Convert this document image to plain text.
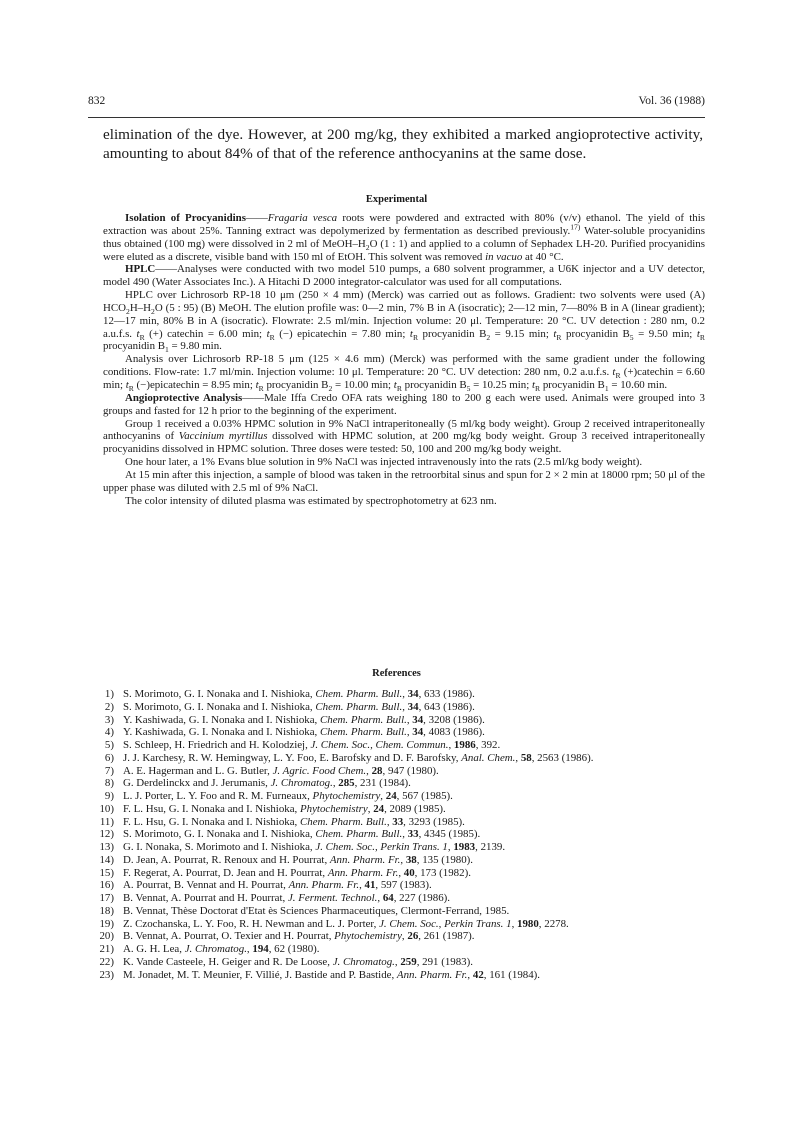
832	Vol. 36 (1988)

elimination of the dye. However, at 200 mg/kg, they exhibited a marked angioprotective activity, amounting to about 84% of that of the reference anthocyanins at the same dose.

Experimental

Isolation of Procyanidins——Fragaria vesca roots were powdered and extracted with 80% (v/v) ethanol. The yield of this extraction was about 25%. Tanning extract was depolymerized by fermentation as described previously.$^{17)}$ Water-soluble procyanidins thus obtained (100 mg) were dissolved in 2 ml of MeOH–$H_2O$ (1 : 1) and applied to a column of Sephadex LH-20. Purified procyanidins were eluted as a discrete, visible band with 150 ml of EtOH. This solvent was removed in vacuo at 40 °C.

HPLC——Analyses were conducted with two model 510 pumps, a 680 solvent programmer, a U6K injector and a UV detector, model 490 (Water Associates Inc.). A Hitachi D 2000 integrator-calculator was used for all computations.

HPLC over Lichrosorb RP-18 10 μm (250 × 4 mm) (Merck) was carried out as follows. Gradient: two solvents were used (A) $HCO_2H-H_2O$ (5 : 95) (B) MeOH. The elution profile was: 0—2 min, 7% B in A (isocratic); 2—12 min, 7—80% B in A (linear gradient); 12—17 min, 80% B in A (isocratic). Flowrate: 2.5 ml/min. Injection volume: 20 μl. Temperature: 20 °C. UV detection : 280 nm, 0.2 a.u.f.s. $t_R$ (+) catechin = 6.00 min; $t_R$ (−) epicatechin = 7.80 min; $t_R$ procyanidin $B_2 = 9.15$ min; $t_R$ procyanidin $B_5 = 9.50$ min; $t_R$ procyanidin $B_1 = 9.80$ min.

Analysis over Lichrosorb RP-18 5 μm (125 × 4.6 mm) (Merck) was performed with the same gradient under the following conditions. Flow-rate: 1.7 ml/min. Injection volume: 10 μl. Temperature: 20 °C. UV detection: 280 nm, 0.2 a.u.f.s. $t_R$ (+)catechin = 6.60 min; $t_R$ (−)epicatechin = 8.95 min; $t_R$ procyanidin $B_2 = 10.00$ min; $t_R$ procyanidin $B_5 = 10.25$ min; $t_R$ procyanidin $B_1 = 10.60$ min.

Angioprotective Analysis——Male Iffa Credo OFA rats weighing 180 to 200 g each were used. Animals were grouped into 3 groups and fasted for 12 h prior to the beginning of the experiment.

Group 1 received a 0.03% HPMC solution in 9% NaCl intraperitoneally (5 ml/kg body weight). Group 2 received intraperitoneally anthocyanins of Vaccinium myrtillus dissolved with HPMC solution, at 200 mg/kg body weight. Group 3 received intraperitoneally procyanidins dissolved in HPMC solution. Three doses were tested: 50, 100 and 200 mg/kg body weight.

One hour later, a 1% Evans blue solution in 9% NaCl was injected intravenously into the rats (2.5 ml/kg body weight).

At 15 min after this injection, a sample of blood was taken in the retroorbital sinus and spun for 2 × 2 min at 18000 rpm; 50 μl of the upper phase was diluted with 2.5 ml of 9% NaCl.

The color intensity of diluted plasma was estimated by spectrophotometry at 623 nm.

References
1) S. Morimoto, G. I. Nonaka and I. Nishioka, Chem. Pharm. Bull., 34, 633 (1986).
2) S. Morimoto, G. I. Nonaka and I. Nishioka, Chem. Pharm. Bull., 34, 643 (1986).
3) Y. Kashiwada, G. I. Nonaka and I. Nishioka, Chem. Pharm. Bull., 34, 3208 (1986).
4) Y. Kashiwada, G. I. Nonaka and I. Nishioka, Chem. Pharm. Bull., 34, 4083 (1986).
5) S. Schleep, H. Friedrich and H. Kolodziej, J. Chem. Soc., Chem. Commun., 1986, 392.
6) J. J. Karchesy, R. W. Hemingway, L. Y. Foo, E. Barofsky and D. F. Barofsky, Anal. Chem., 58, 2563 (1986).
7) A. E. Hagerman and L. G. Butler, J. Agric. Food Chem., 28, 947 (1980).
8) G. Derdelinckx and J. Jerumanis, J. Chromatog., 285, 231 (1984).
9) L. J. Porter, L. Y. Foo and R. M. Furneaux, Phytochemistry, 24, 567 (1985).
10) F. L. Hsu, G. I. Nonaka and I. Nishioka, Phytochemistry, 24, 2089 (1985).
11) F. L. Hsu, G. I. Nonaka and I. Nishioka, Chem. Pharm. Bull., 33, 3293 (1985).
12) S. Morimoto, G. I. Nonaka and I. Nishioka, Chem. Pharm. Bull., 33, 4345 (1985).
13) G. I. Nonaka, S. Morimoto and I. Nishioka, J. Chem. Soc., Perkin Trans. 1, 1983, 2139.
14) D. Jean, A. Pourrat, R. Renoux and H. Pourrat, Ann. Pharm. Fr., 38, 135 (1980).
15) F. Regerat, A. Pourrat, D. Jean and H. Pourrat, Ann. Pharm. Fr., 40, 173 (1982).
16) A. Pourrat, B. Vennat and H. Pourrat, Ann. Pharm. Fr., 41, 597 (1983).
17) B. Vennat, A. Pourrat and H. Pourrat, J. Ferment. Technol., 64, 227 (1986).
18) B. Vennat, Thèse Doctorat d'Etat ès Sciences Pharmaceutiques, Clermont-Ferrand, 1985.
19) Z. Czochanska, L. Y. Foo, R. H. Newman and L. J. Porter, J. Chem. Soc., Perkin Trans. 1, 1980, 2278.
20) B. Vennat, A. Pourrat, O. Texier and H. Pourrat, Phytochemistry, 26, 261 (1987).
21) A. G. H. Lea, J. Chromatog., 194, 62 (1980).
22) K. Vande Casteele, H. Geiger and R. De Loose, J. Chromatog., 259, 291 (1983).
23) M. Jonadet, M. T. Meunier, F. Villié, J. Bastide and P. Bastide, Ann. Pharm. Fr., 42, 161 (1984).
